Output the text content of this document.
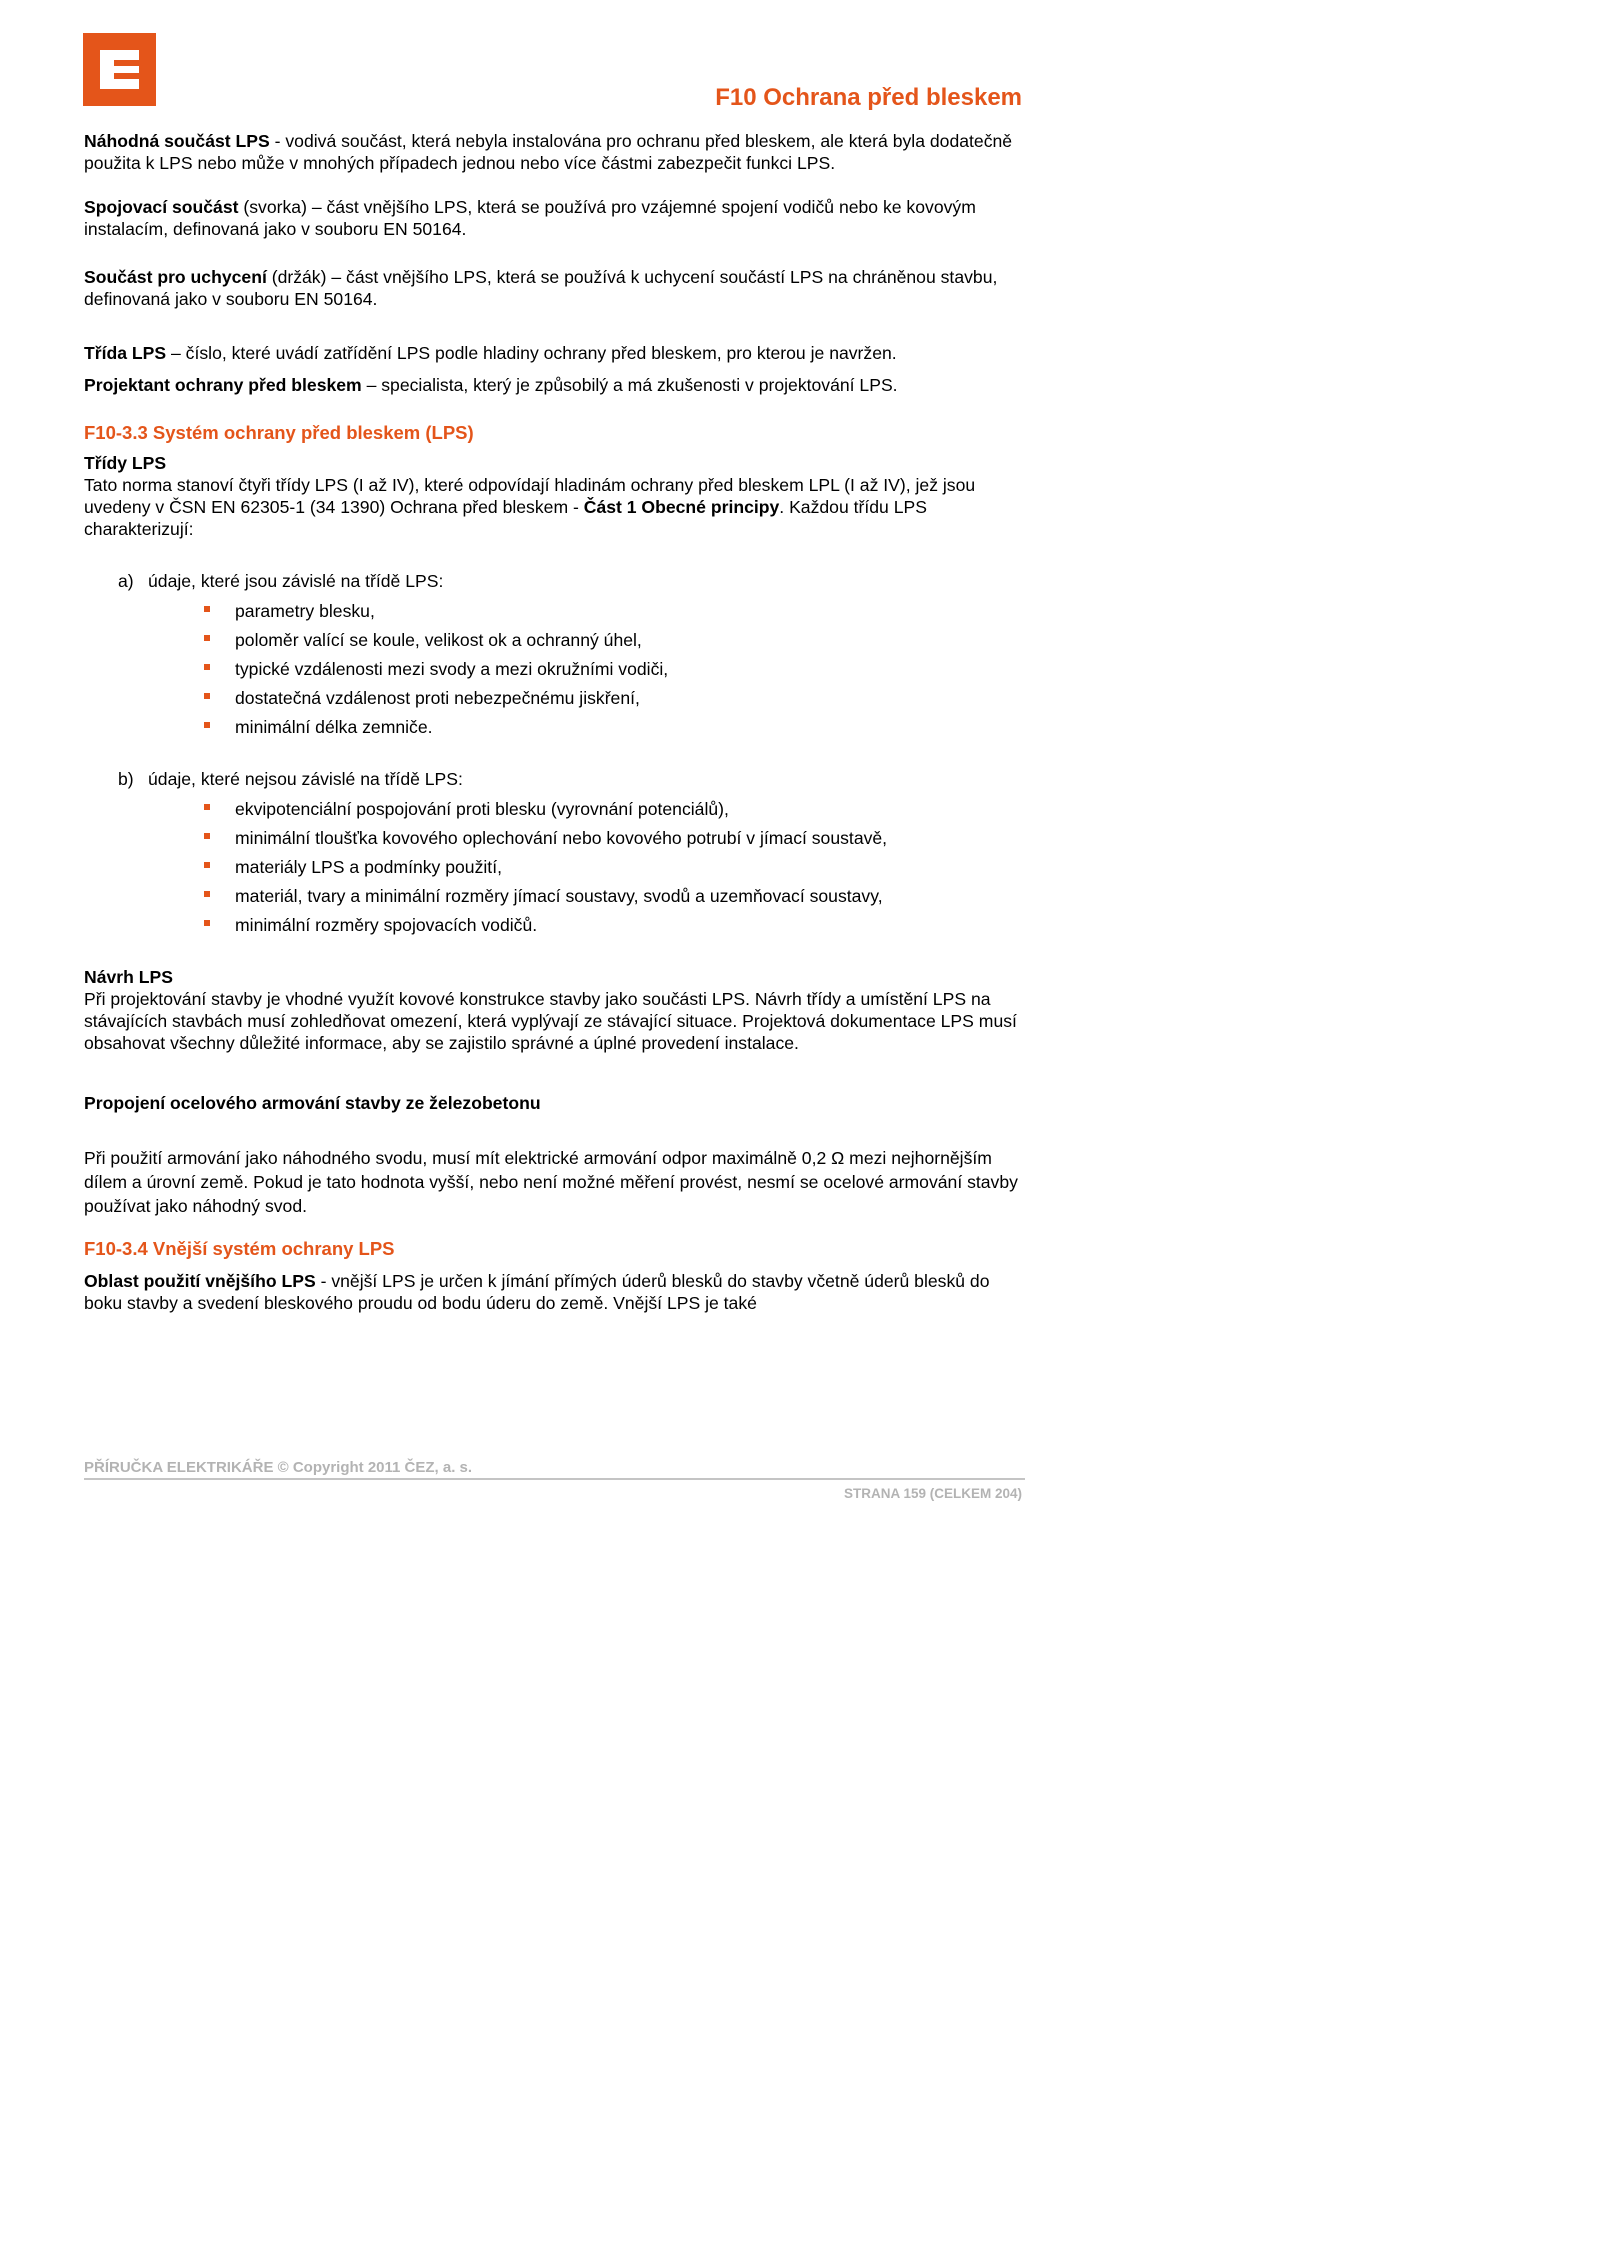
F10 Ochrana před bleskem

Náhodná součást LPS - vodivá součást, která nebyla instalována pro ochranu před bleskem, ale která byla dodatečně použita k LPS nebo může v mnohých případech jednou nebo více částmi zabezpečit funkci LPS.

Spojovací součást (svorka) – část vnějšího LPS, která se používá pro vzájemné spojení vodičů nebo ke kovovým instalacím, definovaná jako v souboru EN 50164.

Součást pro uchycení (držák) – část vnějšího LPS, která se používá k uchycení součástí LPS na chráněnou stavbu, definovaná jako v souboru EN 50164.

Třída LPS – číslo, které uvádí zatřídění LPS podle hladiny ochrany před bleskem, pro kterou je navržen.

Projektant ochrany před bleskem – specialista, který je způsobilý a má zkušenosti v projektování LPS.

F10-3.3 Systém ochrany před bleskem (LPS)
Třídy LPS

Tato norma stanoví čtyři třídy LPS (I až IV), které odpovídají hladinám ochrany před bleskem LPL (I až IV), jež jsou uvedeny v ČSN EN 62305-1 (34 1390) Ochrana před bleskem - Část 1 Obecné principy. Každou třídu LPS charakterizují:

a) údaje, které jsou závislé na třídě LPS:

parametry blesku,
poloměr valící se koule, velikost ok a ochranný úhel,
typické vzdálenosti mezi svody a mezi okružními vodiči,
dostatečná vzdálenost proti nebezpečnému jiskření,
minimální délka zemniče.

b) údaje, které nejsou závislé na třídě LPS:

ekvipotenciální pospojování proti blesku (vyrovnání potenciálů),
minimální tloušťka kovového oplechování nebo kovového potrubí v jímací soustavě,
materiály LPS a podmínky použití,
materiál, tvary a minimální rozměry jímací soustavy, svodů a uzemňovací soustavy,
minimální rozměry spojovacích vodičů.
Návrh LPS

Při projektování stavby je vhodné využít kovové konstrukce stavby jako součásti LPS. Návrh třídy a umístění LPS na stávajících stavbách musí zohledňovat omezení, která vyplývají ze stávající situace. Projektová dokumentace LPS musí obsahovat všechny důležité informace, aby se zajistilo správné a úplné provedení instalace.

Propojení ocelového armování stavby ze železobetonu

Při použití armování jako náhodného svodu, musí mít elektrické armování odpor maximálně 0,2 Ω mezi nejhornějším dílem a úrovní země. Pokud je tato hodnota vyšší, nebo není možné měření provést, nesmí se ocelové armování stavby používat jako náhodný svod.

F10-3.4 Vnější systém ochrany LPS

Oblast použití vnějšího LPS - vnější LPS je určen k jímání přímých úderů blesků do stavby včetně úderů blesků do boku stavby a svedení bleskového proudu od bodu úderu do země. Vnější LPS je také

PŘÍRUČKA ELEKTRIKÁŘE © Copyright 2011 ČEZ, a. s.
STRANA 159 (CELKEM 204)
